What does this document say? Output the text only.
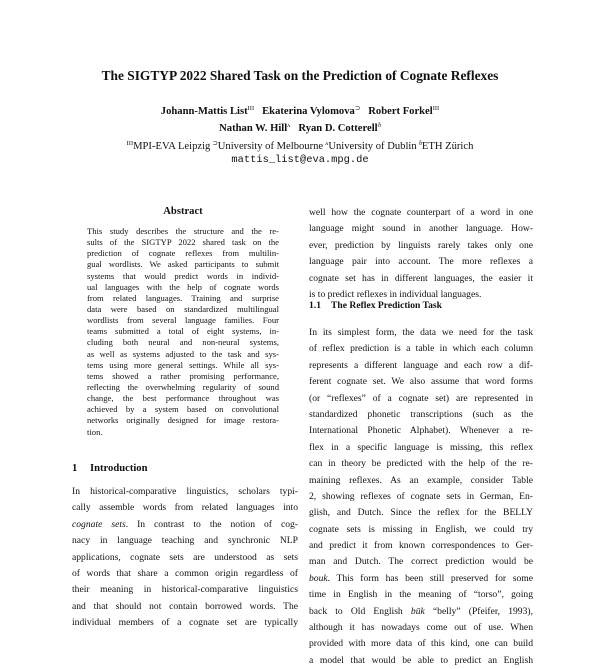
The SIGTYP 2022 Shared Task on the Prediction of Cognate Reflexes
Johann-Mattis List$^{III}$ Ekaterina Vylomova⊃ Robert Forkel$^{III}$
Nathan W. Hill$^ʌ$ Ryan D. Cotterell$^ð$
$^{III}$MPI-EVA Leipzig ⊃University of Melbourne $^ʌ$University of Dublin $^ð$ETH Zürich
mattis_list@eva.mpg.de
Abstract
This study describes the structure and the re-
sults of the SIGTYP 2022 shared task on the
prediction of cognate reflexes from multilin-
gual wordlists. We asked participants to submit
systems that would predict words in individ-
ual languages with the help of cognate words
from related languages. Training and surprise
data were based on standardized multilingual
wordlists from several language families. Four
teams submitted a total of eight systems, in-
cluding both neural and non-neural systems,
as well as systems adjusted to the task and sys-
tems using more general settings. While all sys-
tems showed a rather promising performance,
reflecting the overwhelming regularity of sound
change, the best performance throughout was
achieved by a system based on convolutional
networks originally designed for image restora-
tion.
1 Introduction
In historical-comparative linguistics, scholars typi-
cally assemble words from related languages into
cognate sets. In contrast to the notion of cog-
nacy in language teaching and synchronic NLP
applications, cognate sets are understood as sets
of words that share a common origin regardless of
their meaning in historical-comparative linguistics
and that should not contain borrowed words. The
individual members of a cognate set are typically
well how the cognate counterpart of a word in one
language might sound in another language. How-
ever, prediction by linguists rarely takes only one
language pair into account. The more reflexes a
cognate set has in different languages, the easier it
is to predict reflexes in individual languages.
1.1 The Reflex Prediction Task
In its simplest form, the data we need for the task
of reflex prediction is a table in which each column
represents a different language and each row a dif-
ferent cognate set. We also assume that word forms
(or “reflexes” of a cognate set) are represented in
standardized phonetic transcriptions (such as the
International Phonetic Alphabet). Whenever a re-
flex in a specific language is missing, this reflex
can in theory be predicted with the help of the re-
maining reflexes. As an example, consider Table
2, showing reflexes of cognate sets in German, En-
glish, and Dutch. Since the reflex for the BELLY
cognate sets is missing in English, we could try
and predict it from known correspondences to Ger-
man and Dutch. The correct prediction would be
bouk. This form has been still preserved for some
time in English in the meaning of “torso”, going
back to Old English būk “belly” (Pfeifer, 1993),
although it has nowadays come out of use. When
provided with more data of this kind, one can build
a model that would be able to predict an English
